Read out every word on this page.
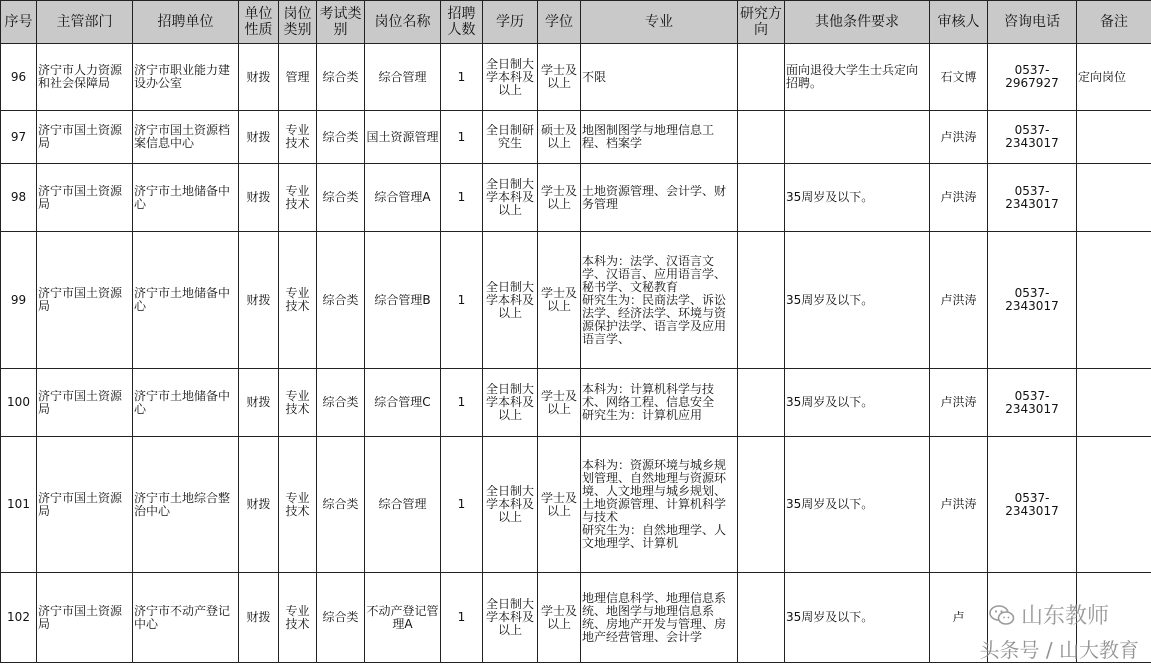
序号	主管部门	招聘单位	单位性质	岗位类别	考试类别	岗位名称	招聘人数	学历	学位	专业	研究方向	其他条件要求	审核人	咨询电话	备注

96	济宁市人力资源和社会保障局	济宁市职业能力建设办公室	财拨	管理	综合类	综合管理	1	全日制大学本科及以上	学士及以上	不限		面向退役大学生士兵定向招聘。	石文博	0537-2967927	定向岗位

97	济宁市国土资源局	济宁市国土资源档案信息中心	财拨	专业技术	综合类	国土资源管理	1	全日制研究生	硕士及以上	地图制图学与地理信息工程、档案学			卢洪涛	0537-2343017	

98	济宁市国土资源局	济宁市土地储备中心	财拨	专业技术	综合类	综合管理A	1	全日制大学本科及以上	学士及以上	土地资源管理、会计学、财务管理		35周岁及以下。	卢洪涛	0537-2343017	

99	济宁市国土资源局	济宁市土地储备中心	财拨	专业技术	综合类	综合管理B	1	全日制大学本科及以上	学士及以上	本科为：法学、汉语言文学、汉语言、应用语言学、秘书学、文秘教育
研究生为：民商法学、诉讼法学、经济法学、环境与资源保护法学、语言学及应用语言学、		35周岁及以下。	卢洪涛	0537-2343017	

100	济宁市国土资源局	济宁市土地储备中心	财拨	专业技术	综合类	综合管理C	1	全日制大学本科及以上	学士及以上	本科为：计算机科学与技术、网络工程、信息安全
研究生为：计算机应用		35周岁及以下。	卢洪涛	0537-2343017	

101	济宁市国土资源局	济宁市土地综合整治中心	财拨	专业技术	综合类	综合管理	1	全日制大学本科及以上	学士及以上	本科为：资源环境与城乡规划管理、自然地理与资源环境、人文地理与城乡规划、土地资源管理、计算机科学与技术
研究生为：自然地理学、人文地理学、计算机		35周岁及以下。	卢洪涛	0537-2343017	

102	济宁市国土资源局	济宁市不动产登记中心	财拨	专业技术	综合类	不动产登记管理A	1	全日制大学本科及以上	学士及以上	地理信息科学、地理信息系统、地图学与地理信息系统、房地产开发与管理、房地产经营管理、会计学		35周岁及以下。	卢		

		山东教师
头条号 / 山大教育
